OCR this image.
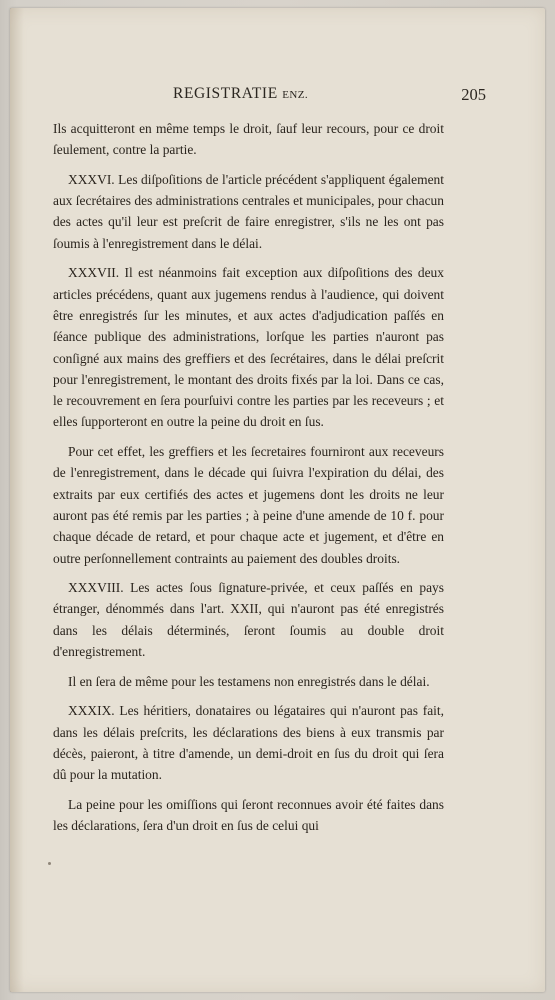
REGISTRATIE ENZ.	205

Ils acquitteront en même temps le droit, ſauf leur recours, pour ce droit ſeulement, contre la partie.

XXXVI. Les diſpoſitions de l'article précédent s'appliquent également aux ſecrétaires des administrations centrales et municipales, pour chacun des actes qu'il leur est preſcrit de faire enregistrer, s'ils ne les ont pas ſoumis à l'enregistrement dans le délai.

XXXVII. Il est néanmoins fait exception aux diſpoſitions des deux articles précédens, quant aux jugemens rendus à l'audience, qui doivent être enregistrés ſur les minutes, et aux actes d'adjudication paſſés en ſéance publique des administrations, lorſque les parties n'auront pas conſigné aux mains des greffiers et des ſecrétaires, dans le délai preſcrit pour l'enregistrement, le montant des droits fixés par la loi. Dans ce cas, le recouvrement en ſera pourſuivi contre les parties par les receveurs ; et elles ſupporteront en outre la peine du droit en ſus.

Pour cet effet, les greffiers et les ſecretaires fourniront aux receveurs de l'enregistrement, dans le décade qui ſuivra l'expiration du délai, des extraits par eux certifiés des actes et jugemens dont les droits ne leur auront pas été remis par les parties ; à peine d'une amende de 10 f. pour chaque décade de retard, et pour chaque acte et jugement, et d'être en outre perſonnellement contraints au paiement des doubles droits.

XXXVIII. Les actes ſous ſignature-privée, et ceux paſſés en pays étranger, dénommés dans l'art. XXII, qui n'auront pas été enregistrés dans les délais déterminés, ſeront ſoumis au double droit d'enregistrement.

Il en ſera de même pour les testamens non enregistrés dans le délai.

XXXIX. Les héritiers, donataires ou légataires qui n'auront pas fait, dans les délais preſcrits, les déclarations des biens à eux transmis par décès, paieront, à titre d'amende, un demi-droit en ſus du droit qui ſera dû pour la mutation.

La peine pour les omiſſions qui ſeront reconnues avoir été faites dans les déclarations, ſera d'un droit en ſus de celui qui
